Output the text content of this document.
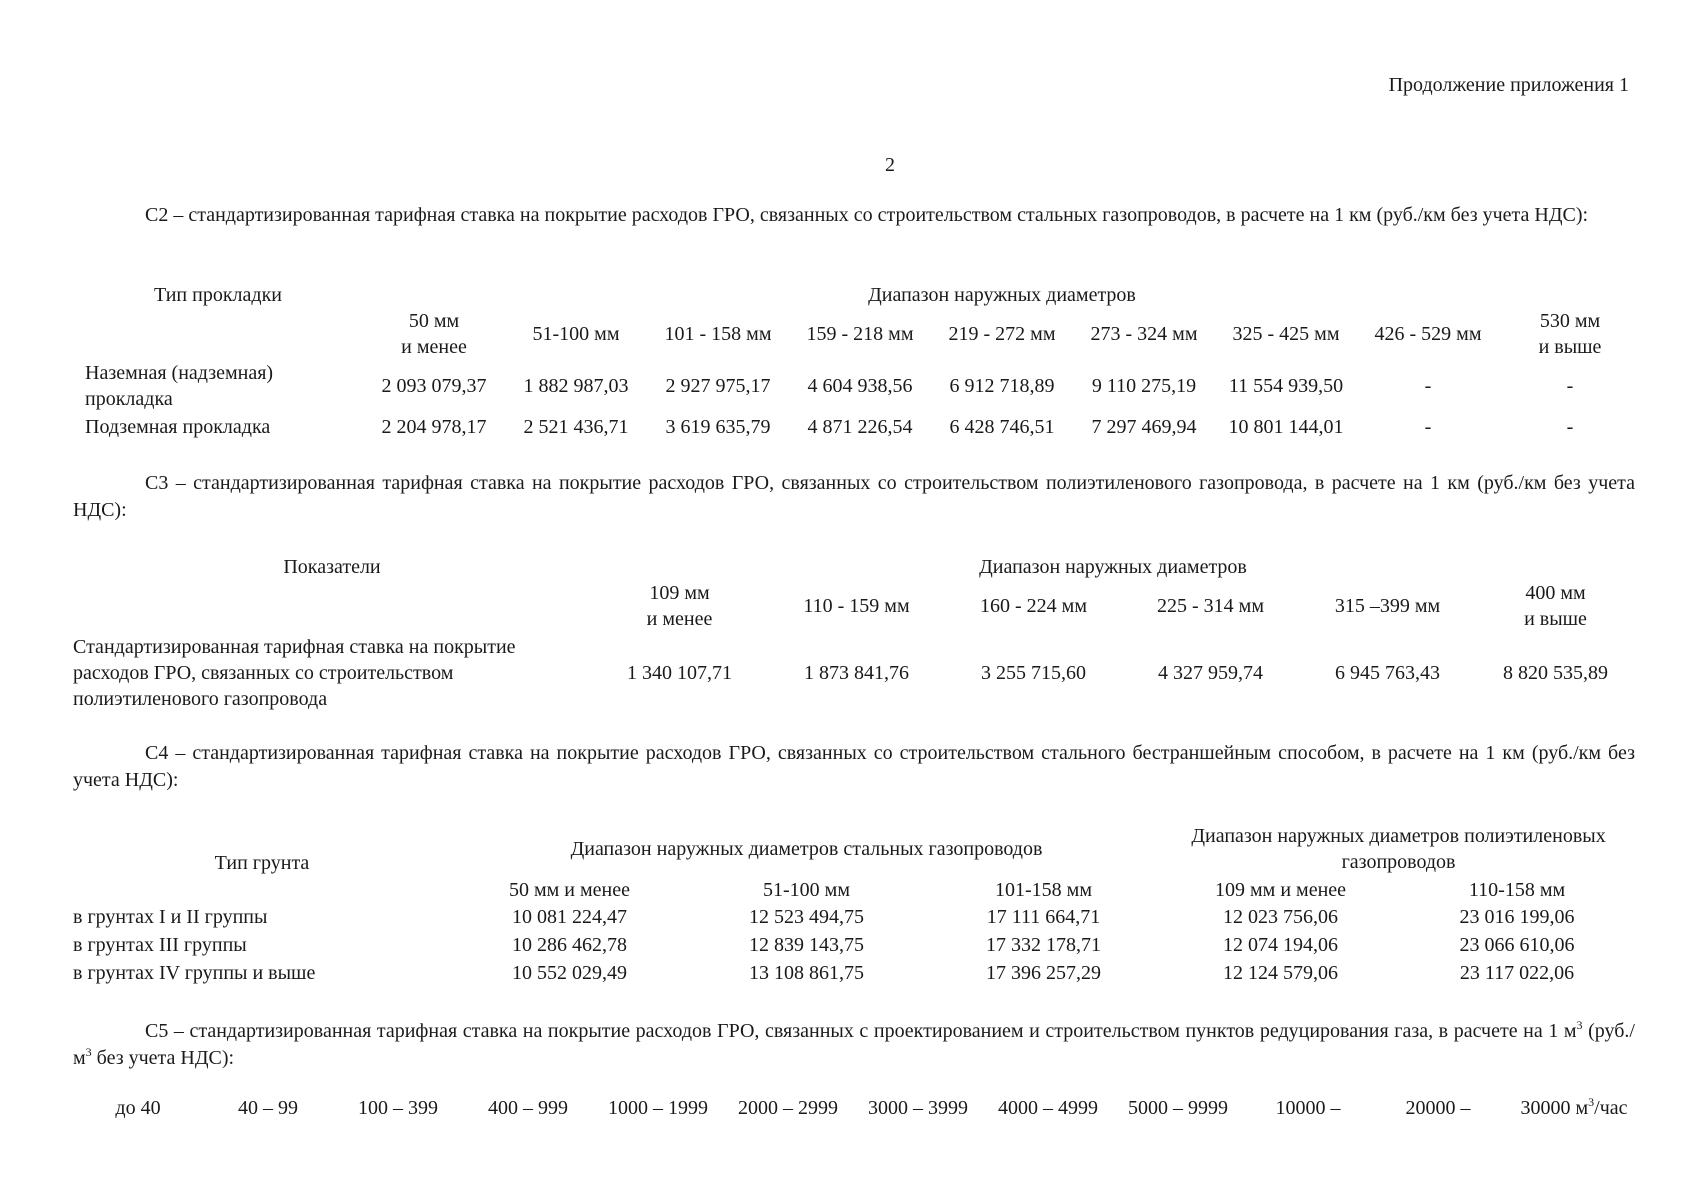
Продолжение приложения 1
2
С2 – стандартизированная тарифная ставка на покрытие расходов ГРО, связанных со строительством стальных газопроводов, в расчете на 1 км (руб./км без учета НДС):
Тип прокладки	Диапазон наружных диаметров								
	50 мм
и менее	51-100 мм	101 - 158 мм	159 - 218 мм	219 - 272 мм	273 - 324 мм	325 - 425 мм	426 - 529 мм	530 мм
и выше
Наземная (надземная) прокладка	2 093 079,37	1 882 987,03	2 927 975,17	4 604 938,56	6 912 718,89	9 110 275,19	11 554 939,50	-	-
Подземная прокладка	2 204 978,17	2 521 436,71	3 619 635,79	4 871 226,54	6 428 746,51	7 297 469,94	10 801 144,01	-	-
С3 – стандартизированная тарифная ставка на покрытие расходов ГРО, связанных со строительством полиэтиленового газопровода, в расчете на 1 км (руб./км без учета НДС):
Показатели	Диапазон наружных диаметров					
	109 мм
и менее	110 - 159 мм	160 - 224 мм	225 - 314 мм	315 –399 мм	400 мм
и выше
Стандартизированная тарифная ставка на покрытие расходов ГРО, связанных со строительством полиэтиленового газопровода	1 340 107,71	1 873 841,76	3 255 715,60	4 327 959,74	6 945 763,43	8 820 535,89
С4 – стандартизированная тарифная ставка на покрытие расходов ГРО, связанных со строительством стального бестраншейным способом, в расчете на 1 км (руб./км без учета НДС):
Тип грунта	Диапазон наружных диаметров стальных газопроводов			Диапазон наружных диаметров полиэтиленовых газопроводов	
	50 мм и менее	51-100 мм	101-158 мм	109 мм и менее	110-158 мм
в грунтах I и II группы	10 081 224,47	12 523 494,75	17 111 664,71	12 023 756,06	23 016 199,06
в грунтах III группы	10 286 462,78	12 839 143,75	17 332 178,71	12 074 194,06	23 066 610,06
в грунтах IV группы и выше	10 552 029,49	13 108 861,75	17 396 257,29	12 124 579,06	23 117 022,06
С5 – стандартизированная тарифная ставка на покрытие расходов ГРО, связанных с проектированием и строительством пунктов редуцирования газа, в расчете на 1 $м^3$ ($руб./м^3$ без учета НДС):
до 40	40 – 99	100 – 399	400 – 999	1000 – 1999	2000 – 2999	3000 – 3999	4000 – 4999	5000 – 9999	10000 –	20000 –	30000 $м^3$/час
